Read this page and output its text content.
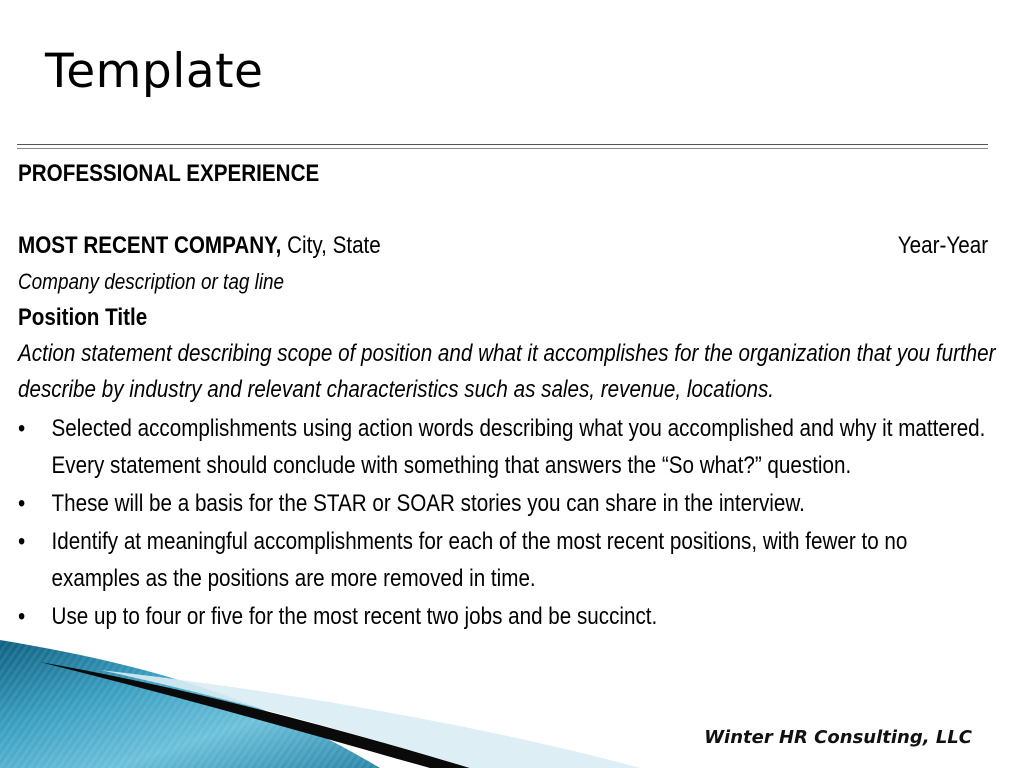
Template
PROFESSIONAL EXPERIENCE
MOST RECENT COMPANY, City, State	Year-Year
Company description or tag line
Position Title
Action statement describing scope of position and what it accomplishes for the organization that you further describe by industry and relevant characteristics such as sales, revenue, locations.
• Selected accomplishments using action words describing what you accomplished and why it mattered. Every statement should conclude with something that answers the “So what?” question.
• These will be a basis for the STAR or SOAR stories you can share in the interview.
• Identify at meaningful accomplishments for each of the most recent positions, with fewer to no examples as the positions are more removed in time.
• Use up to four or five for the most recent two jobs and be succinct.
Winter HR Consulting, LLC
